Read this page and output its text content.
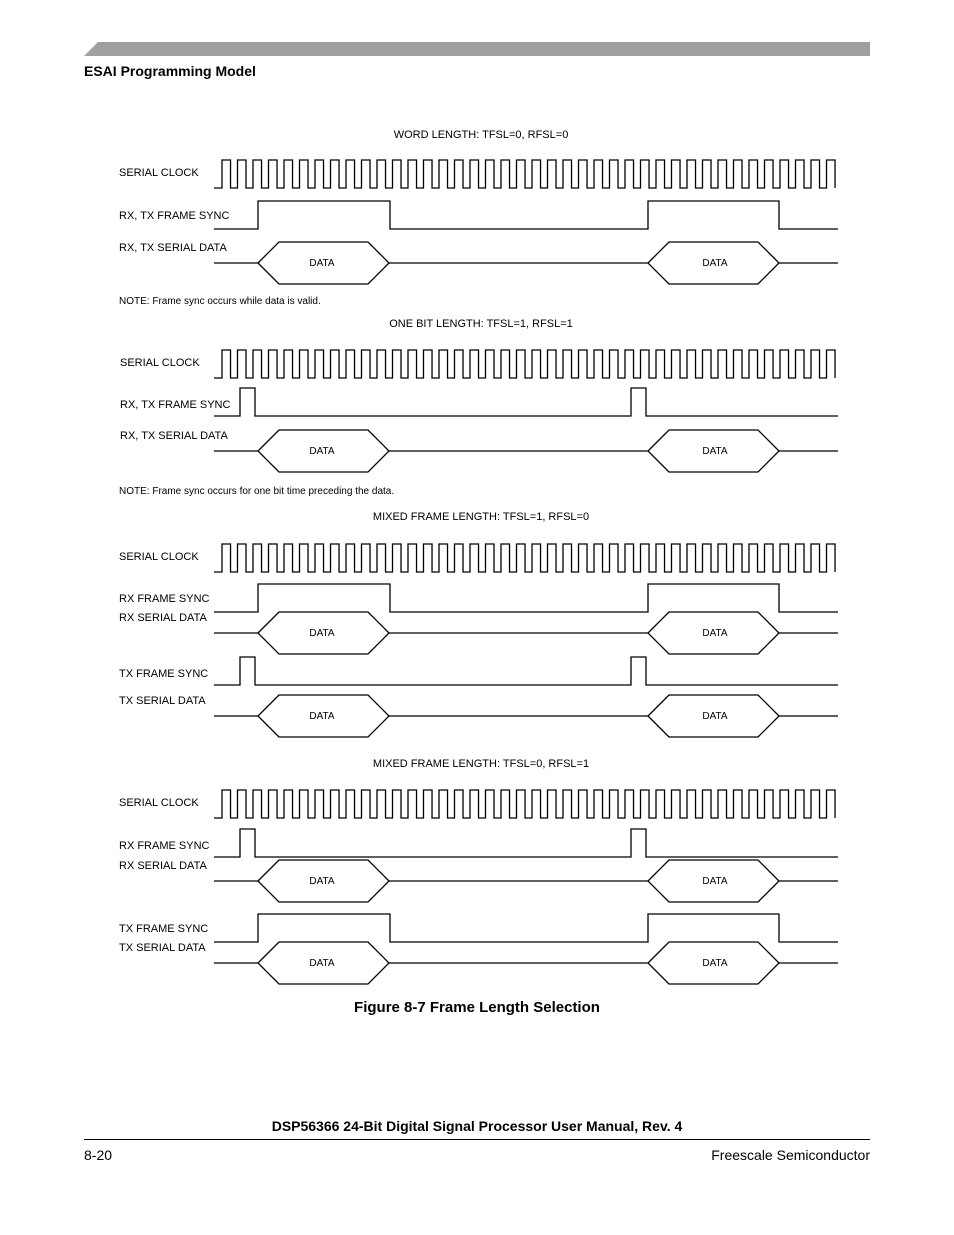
ESAI Programming Model
WORD LENGTH: TFSL=0, RFSL=0
SERIAL CLOCK
RX, TX FRAME SYNC
RX, TX SERIAL DATA
DATA	DATA
NOTE: Frame sync occurs while data is valid.
ONE BIT LENGTH: TFSL=1, RFSL=1
SERIAL CLOCK
RX, TX FRAME SYNC
RX, TX SERIAL DATA
DATA	DATA
NOTE: Frame sync occurs for one bit time preceding the data.
MIXED FRAME LENGTH: TFSL=1, RFSL=0
SERIAL CLOCK
RX FRAME SYNC
RX SERIAL DATA
DATA	DATA
TX FRAME SYNC
TX SERIAL DATA
DATA	DATA
MIXED FRAME LENGTH: TFSL=0, RFSL=1
SERIAL CLOCK
RX FRAME SYNC
RX SERIAL DATA
DATA	DATA
TX FRAME SYNC
TX SERIAL DATA
DATA	DATA
Figure 8-7 Frame Length Selection
DSP56366 24-Bit Digital Signal Processor User Manual, Rev. 4
8-20	Freescale Semiconductor
